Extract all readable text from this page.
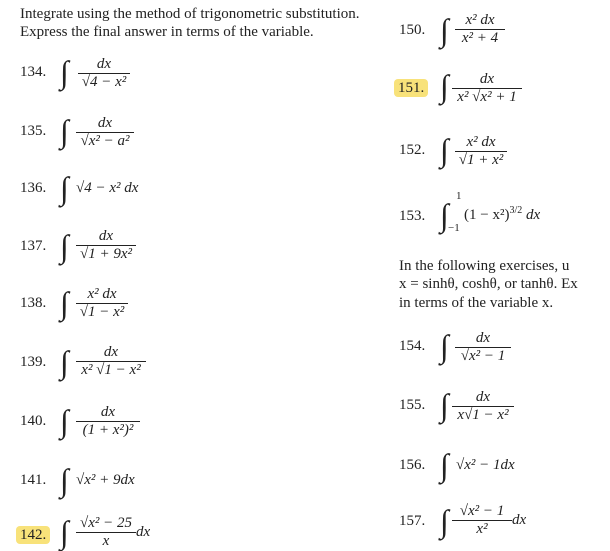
Integrate using the method of trigonometric substitution.
Express the final answer in terms of the variable.
134. ∫ $\frac{dx}{\text{√4 − x²}}$
135. ∫ $\frac{dx}{\text{√x² − a²}}$
136. ∫ √4 − x² dx
137. ∫ $\frac{dx}{\text{√1 + 9x²}}$
138. ∫ $\frac{\text{x² dx}}{\text{√1 − x²}}$
139. ∫ $\frac{dx}{\text{x² √1 − x²}}$
140. ∫ $\frac{dx}{\text{(1 + x²)²}}$
141. ∫ √x² + 9dx
142. ∫ $\frac{\text{√x² − 25}}{x}$ dx
150. ∫ $\frac{\text{x² dx}}{\text{x² + 4}}$
151. ∫ $\frac{dx}{\text{x² √x² + 1}}$
152. ∫ $\frac{\text{x² dx}}{\text{√1 + x²}}$
153. ∫
1
−1
$(1 - x^2)^{3/2}$ dx
In the following exercises, u
x = sinhθ, coshθ, or tanhθ. Ex
in terms of the variable x.
154. ∫ $\frac{dx}{\text{√x² − 1}}$
155. ∫ $\frac{dx}{\text{x√1 − x²}}$
156. ∫ √x² − 1dx
157. ∫ $\frac{\text{√x² − 1}}{\text{x²}}$ dx
